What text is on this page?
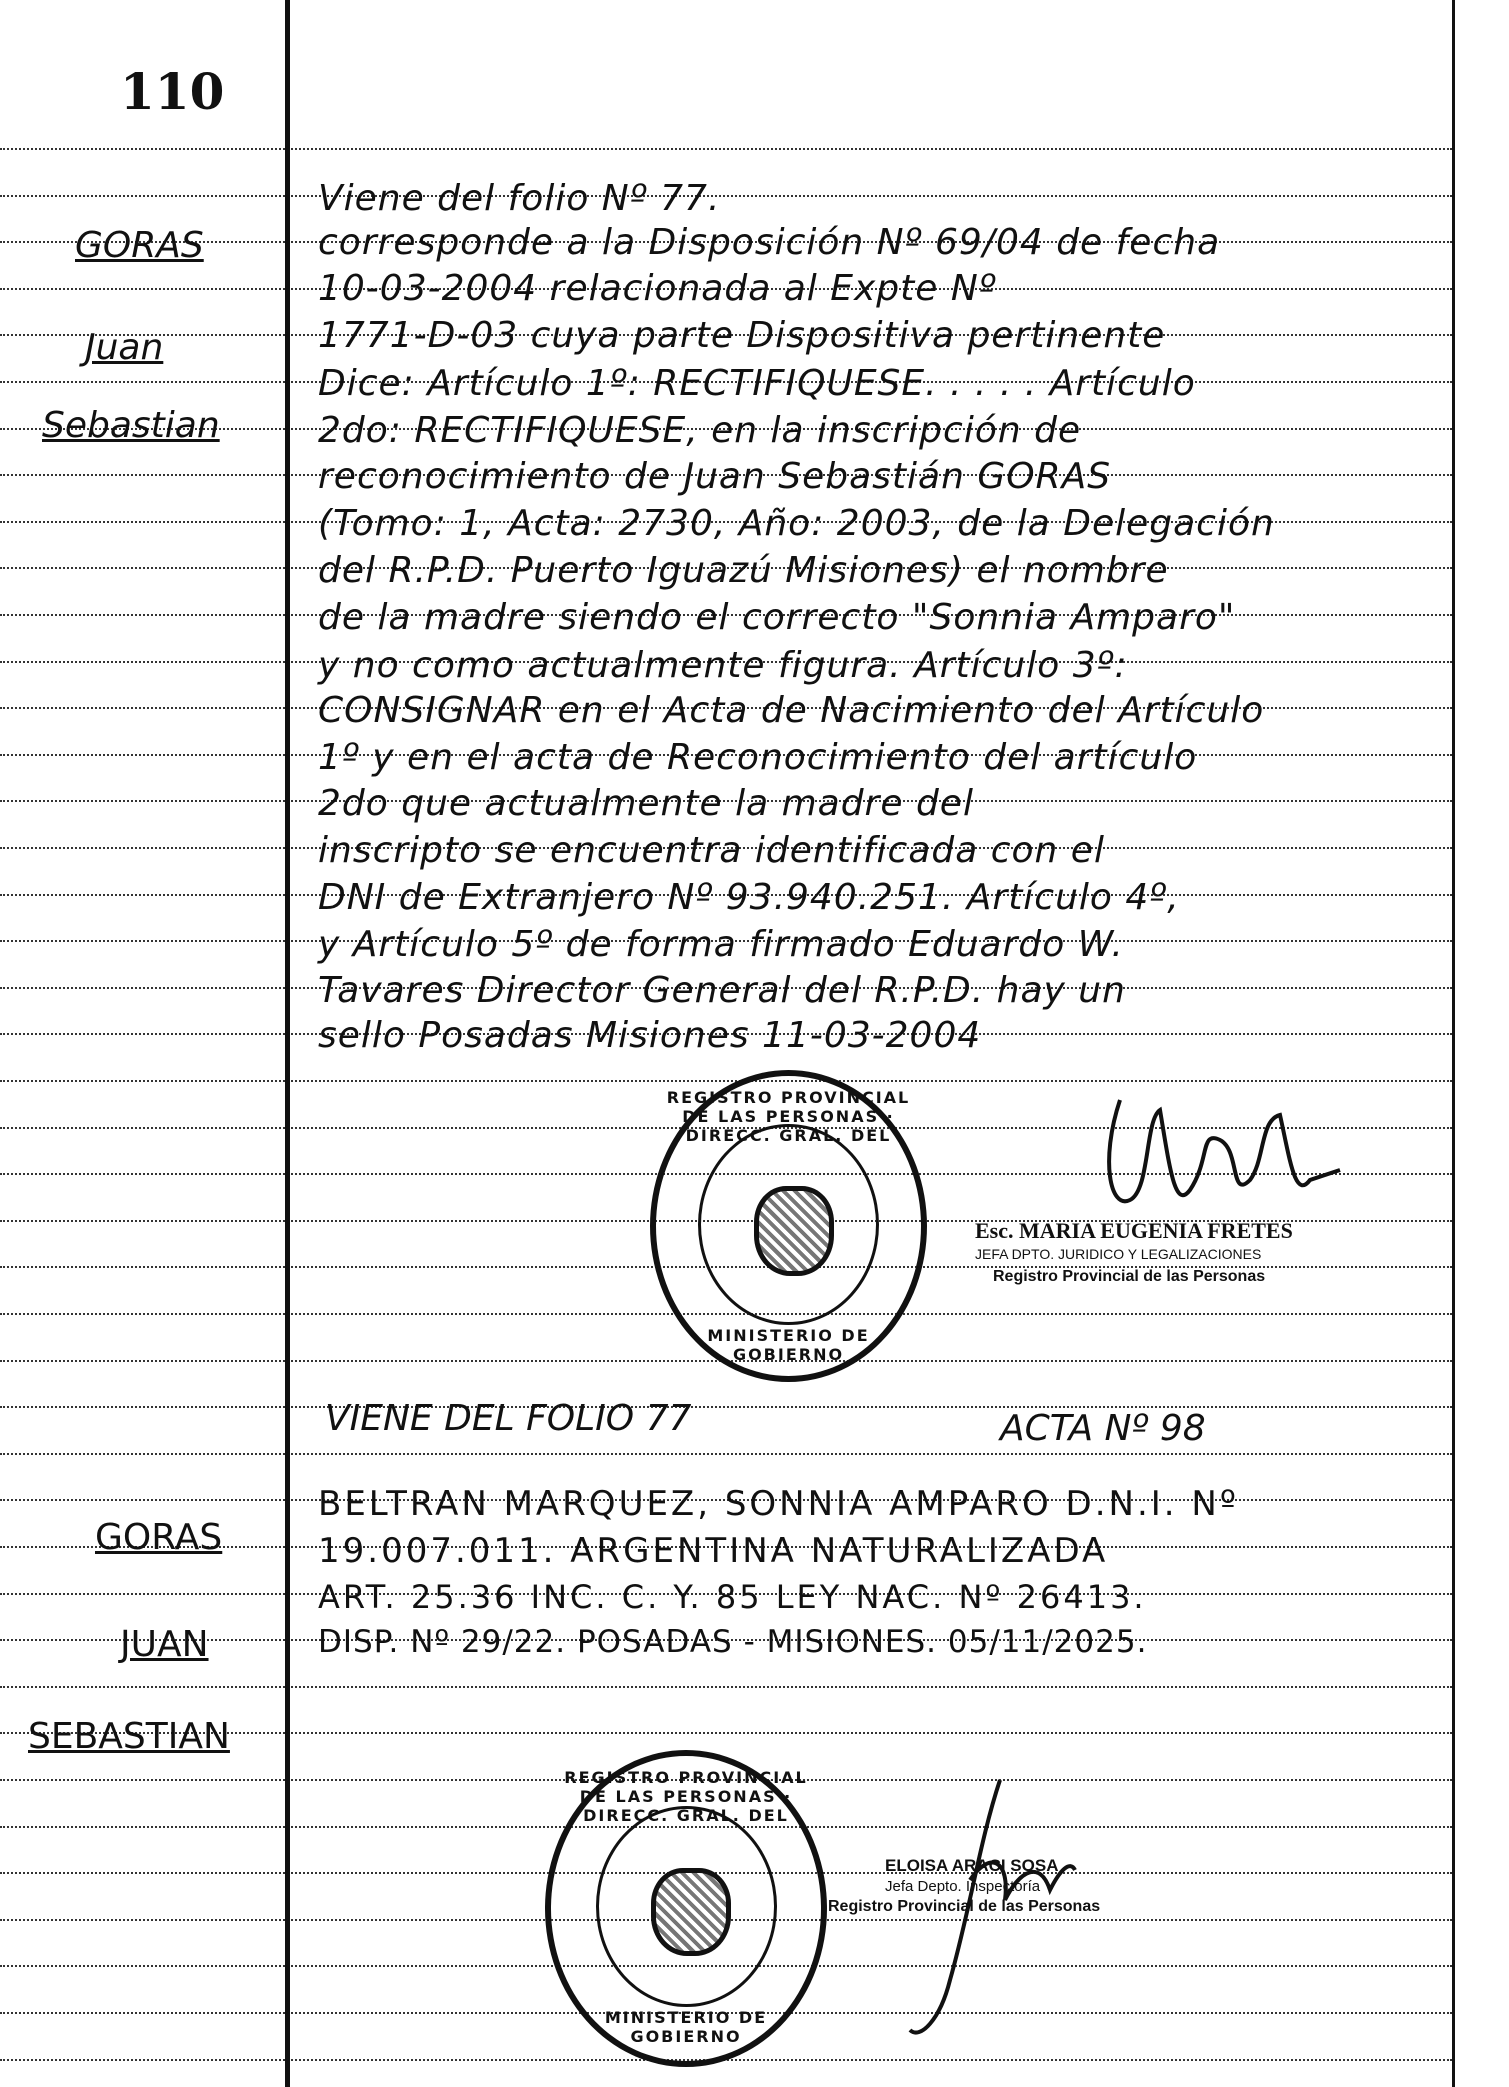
110
GORAS
Juan
Sebastian
Viene del folio Nº 77.
corresponde a la Disposición Nº 69/04 de fecha
10-03-2004 relacionada al Expte Nº
1771-D-03 cuya parte Dispositiva pertinente
Dice: Artículo 1º: RECTIFIQUESE. . . . . Artículo
2do: RECTIFIQUESE, en la inscripción de
reconocimiento de Juan Sebastián GORAS
(Tomo: 1, Acta: 2730, Año: 2003, de la Delegación
del R.P.D. Puerto Iguazú Misiones) el nombre
de la madre siendo el correcto "Sonnia Amparo"
y no como actualmente figura. Artículo 3º:
CONSIGNAR en el Acta de Nacimiento del Artículo
1º y en el acta de Reconocimiento del artículo
2do que actualmente la madre del
inscripto se encuentra identificada con el
DNI de Extranjero Nº 93.940.251. Artículo 4º,
y Artículo 5º de forma firmado Eduardo W.
Tavares Director General del R.P.D. hay un
sello Posadas Misiones 11-03-2004
REGISTRO PROVINCIAL DE LAS PERSONAS · DIRECC. GRAL. DEL
MINISTERIO DE GOBIERNO
Esc. MARIA EUGENIA FRETES
JEFA DPTO. JURIDICO Y LEGALIZACIONES
Registro Provincial de las Personas
VIENE DEL FOLIO 77	ACTA Nº 98
GORAS
JUAN
SEBASTIAN
BELTRAN MARQUEZ, SONNIA AMPARO D.N.I. Nº
19.007.011. ARGENTINA NATURALIZADA
ART. 25.36 INC. C. Y. 85 LEY NAC. Nº 26413.
DISP. Nº 29/22. POSADAS - MISIONES. 05/11/2025.
REGISTRO PROVINCIAL DE LAS PERSONAS · DIRECC. GRAL. DEL
MINISTERIO DE GOBIERNO
ELOISA ARACI SOSA
Jefa Depto. Inspectoría
Registro Provincial de las Personas
